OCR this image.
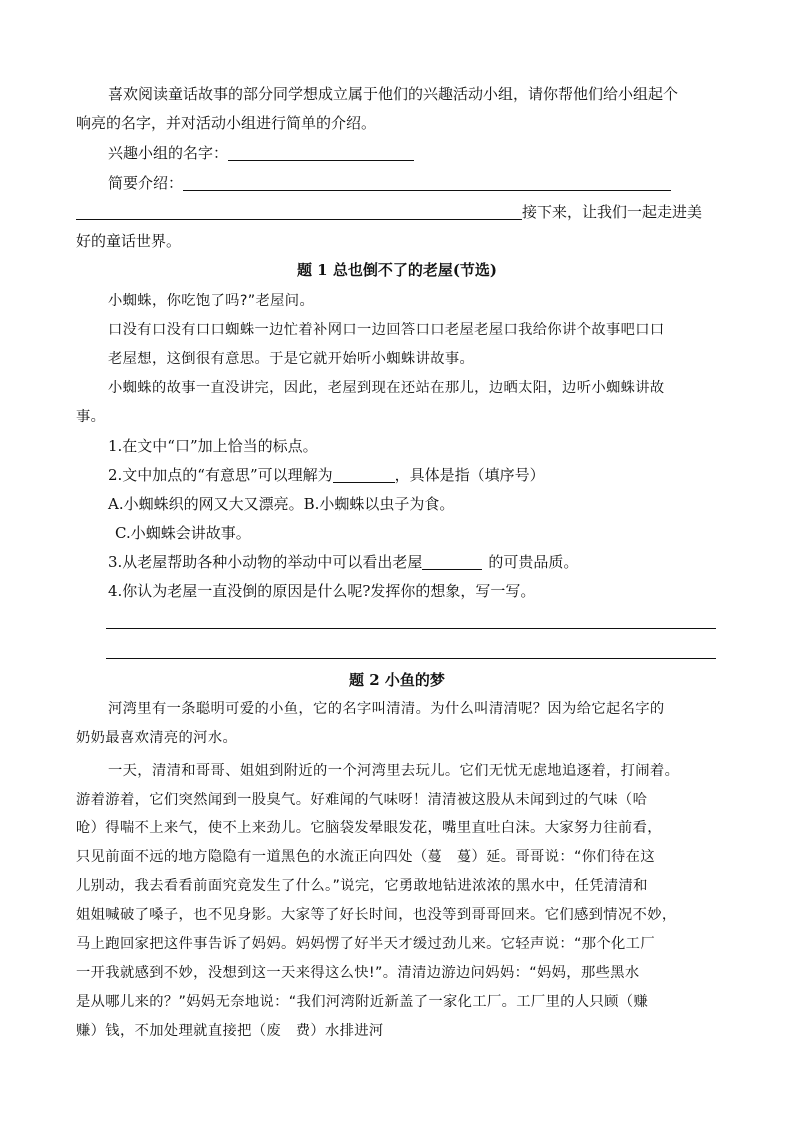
喜欢阅读童话故事的部分同学想成立属于他们的兴趣活动小组，请你帮他们给小组起个
响亮的名字，并对活动小组进行简单的介绍。
兴趣小组的名字：
简要介绍：
接下来，让我们一起走进美
好的童话世界。
题 1 总也倒不了的老屋(节选)
小蜘蛛，你吃饱了吗?”老屋问。
口没有口没有口口蜘蛛一边忙着补网口一边回答口口老屋老屋口我给你讲个故事吧口口
老屋想，这倒很有意思。于是它就开始听小蜘蛛讲故事。
小蜘蛛的故事一直没讲完，因此，老屋到现在还站在那儿，边晒太阳，边听小蜘蛛讲故
事。
1.在文中“口”加上恰当的标点。
2.文中加点的“有意思”可以理解为	，具体是指（填序号）
A.小蜘蛛织的网又大又漂亮。B.小蜘蛛以虫子为食。
C.小蜘蛛会讲故事。
3.从老屋帮助各种小动物的举动中可以看出老屋	的可贵品质。
4.你认为老屋一直没倒的原因是什么呢?发挥你的想象，写一写。
题 2 小鱼的梦
河湾里有一条聪明可爱的小鱼，它的名字叫清清。为什么叫清清呢？因为给它起名字的
奶奶最喜欢清亮的河水。
一天，清清和哥哥、姐姐到附近的一个河湾里去玩儿。它们无忧无虑地追逐着，打闹着。
游着游着，它们突然闻到一股臭气。好难闻的气味呀！清清被这股从未闻到过的气味（哈
呛）得喘不上来气，使不上来劲儿。它脑袋发晕眼发花，嘴里直吐白沫。大家努力往前看，
只见前面不远的地方隐隐有一道黑色的水流正向四处（蔓　蔓）延。哥哥说：“你们待在这
儿别动，我去看看前面究竟发生了什么。”说完，它勇敢地钻进浓浓的黑水中，任凭清清和
姐姐喊破了嗓子，也不见身影。大家等了好长时间，也没等到哥哥回来。它们感到情况不妙，
马上跑回家把这件事告诉了妈妈。妈妈愣了好半天才缓过劲儿来。它轻声说：“那个化工厂
一开我就感到不妙，没想到这一天来得这么快!”。清清边游边问妈妈：“妈妈，那些黑水
是从哪儿来的？”妈妈无奈地说：“我们河湾附近新盖了一家化工厂。工厂里的人只顾（赚
赚）钱，不加处理就直接把（废　费）水排进河
